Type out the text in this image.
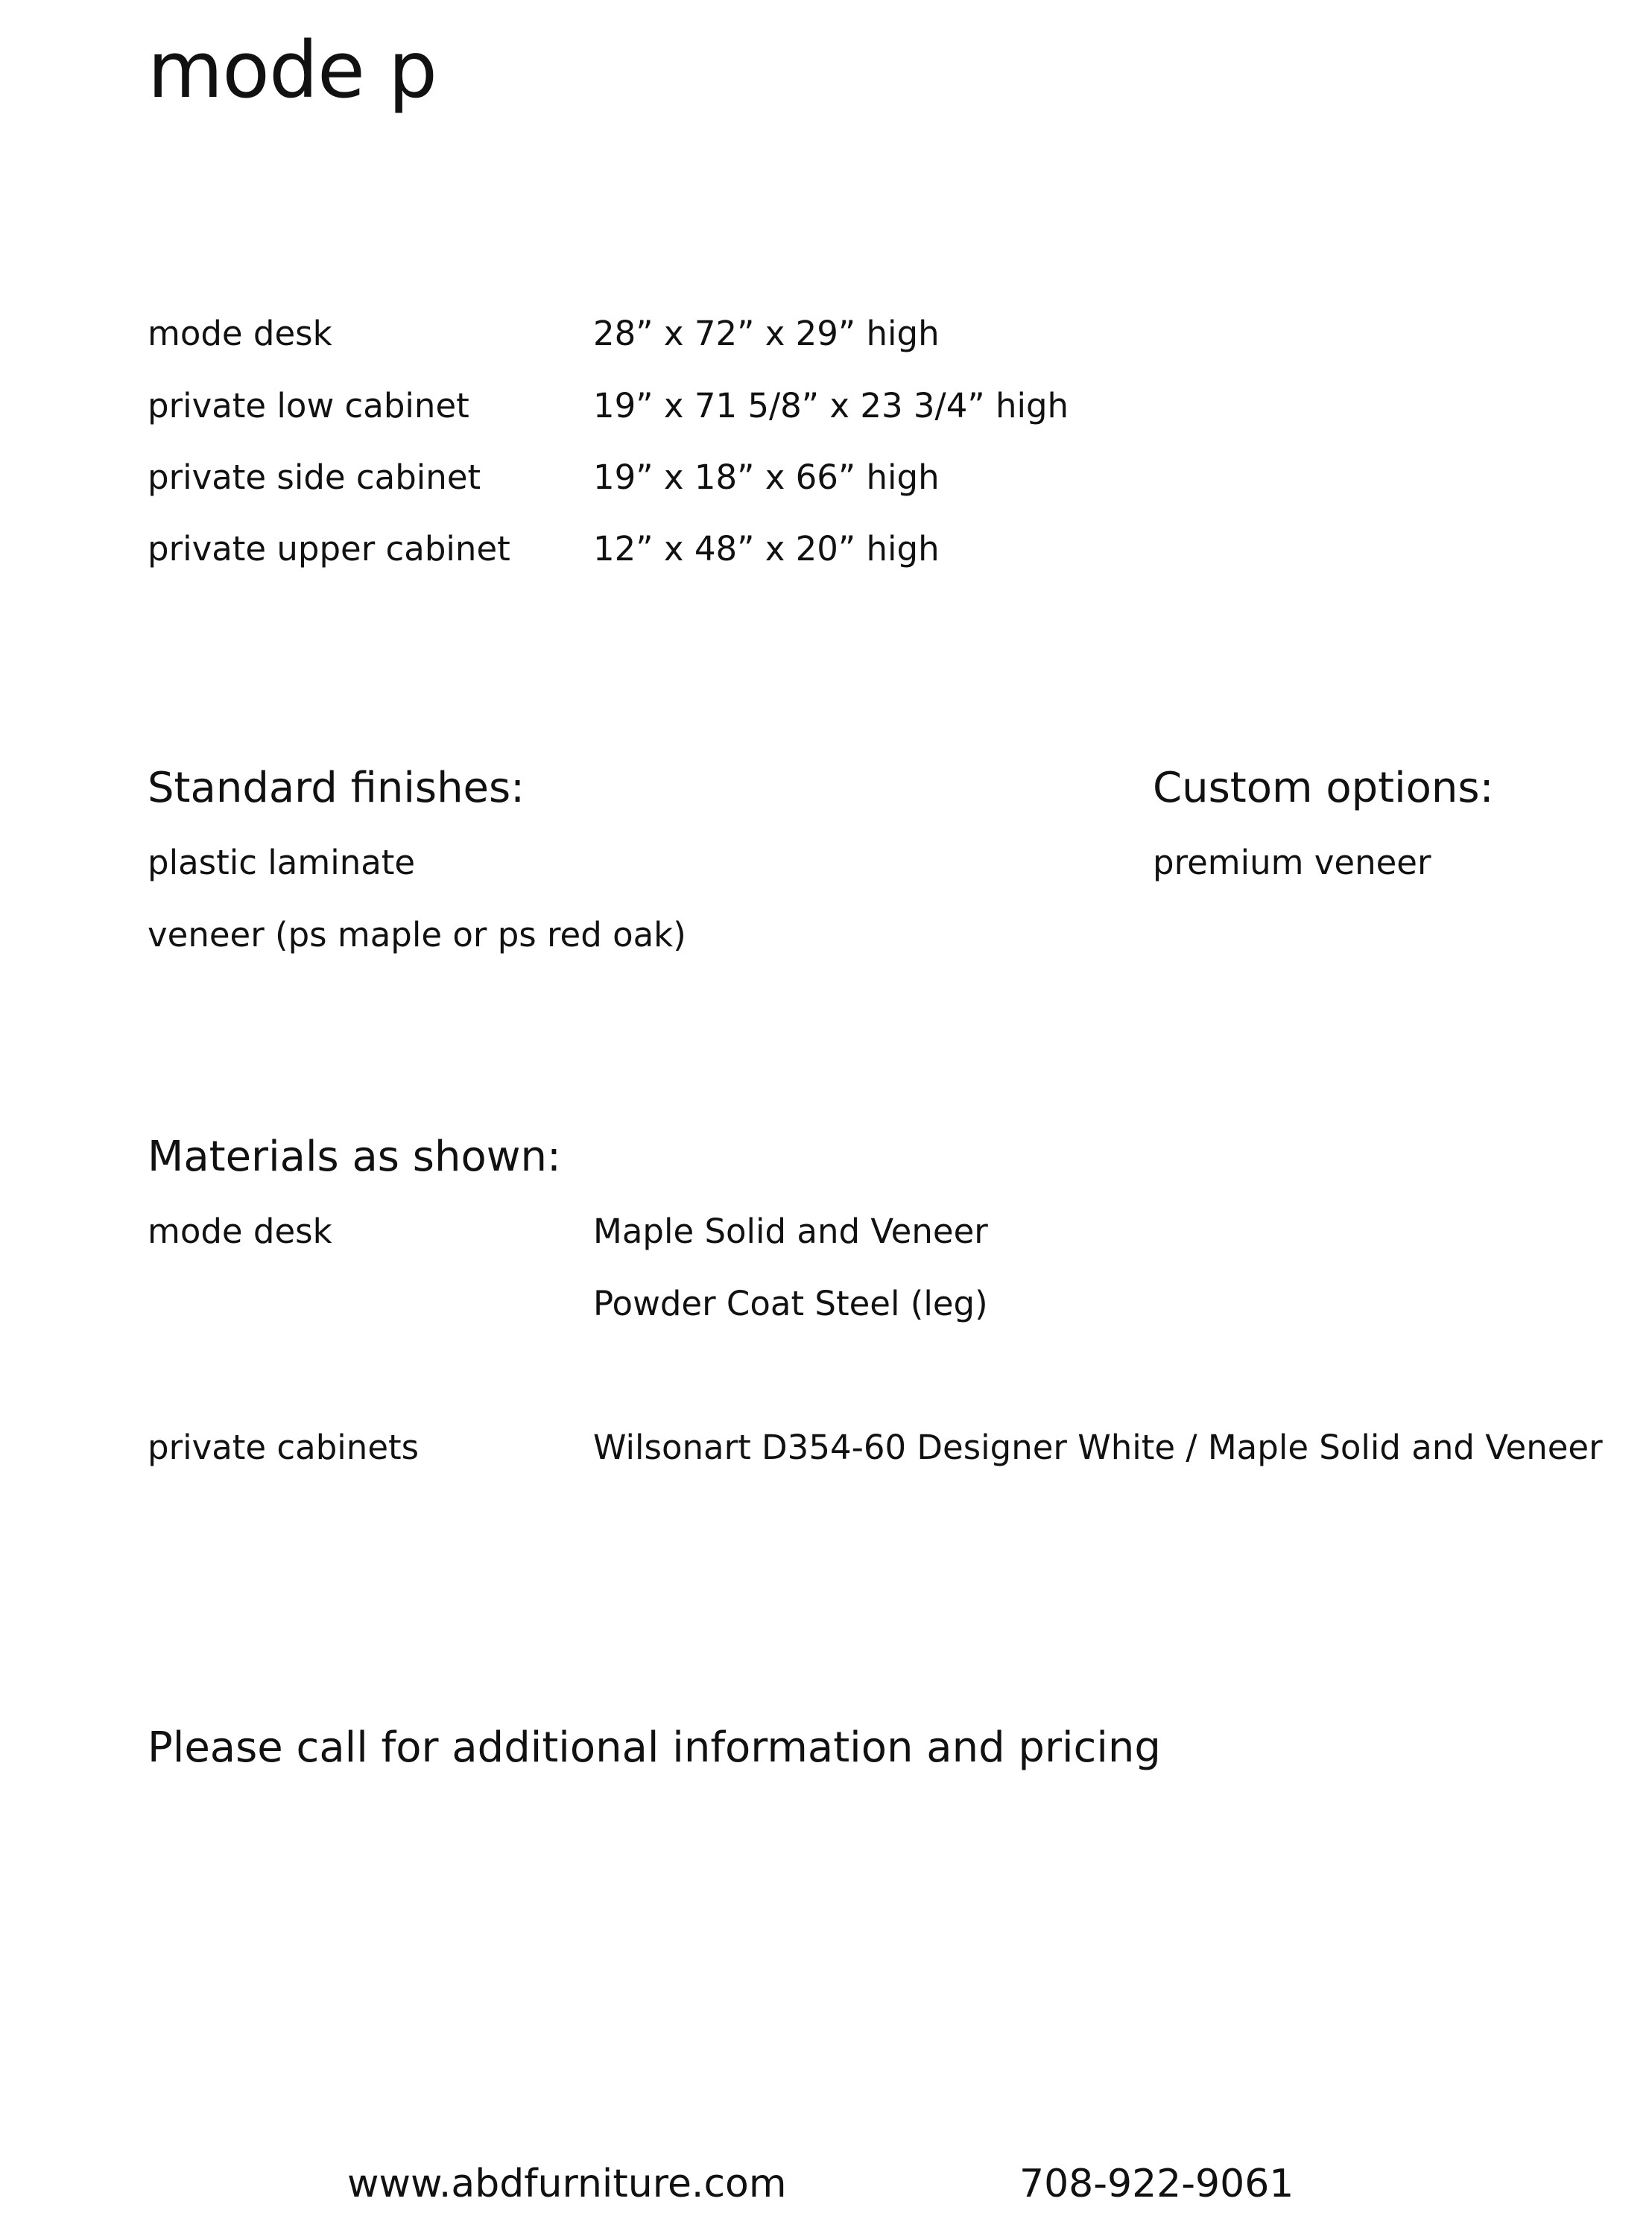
mode p
mode desk	28” x 72” x 29” high
private low cabinet	19” x 71 5/8” x 23 3/4” high
private side cabinet	19” x 18” x 66” high
private upper cabinet 12” x 48” x 20” high
Standard finishes:
plastic laminate
veneer (ps maple or ps red oak)
Custom options:
premium veneer
Materials as shown:
mode desk	Maple Solid and Veneer
Powder Coat Steel (leg)
private cabinets	Wilsonart D354-60 Designer White / Maple Solid and Veneer
Please call for additional information and pricing
www.abdfurniture.com	708-922-9061
